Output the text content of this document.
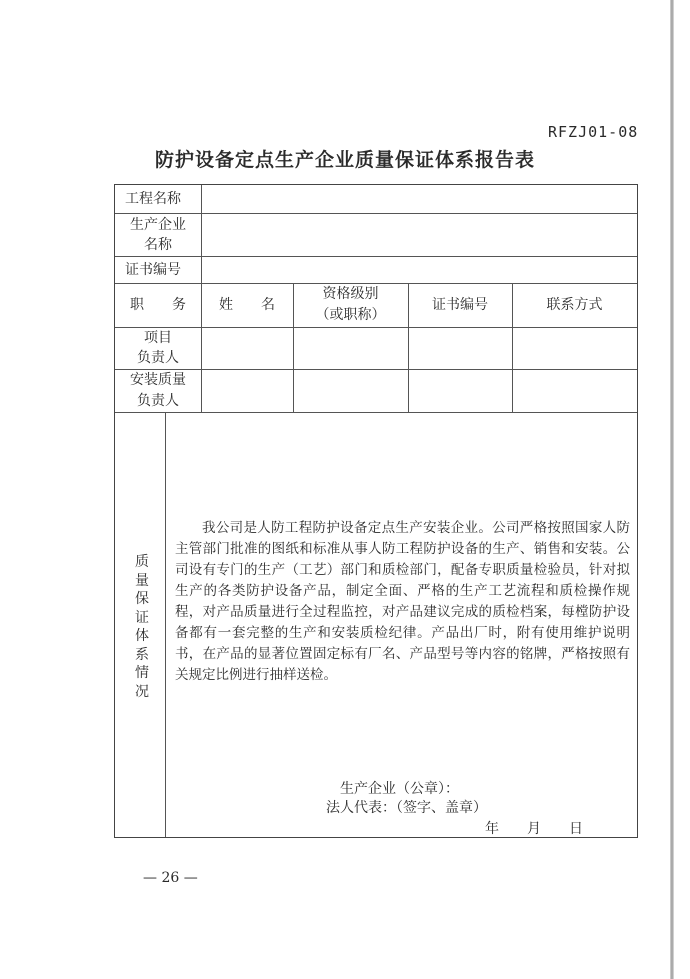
RFZJ01-08
防护设备定点生产企业质量保证体系报告表
工程名称
生产企业
名称
证书编号
职　　务	姓　　名
资格级别
（或职称）
证书编号	联系方式
项目
负责人
安装质量
负责人
质
量
保
证
体
系
情
况

我公司是人防工程防护设备定点生产安装企业。公司严格按照国家人防主管部门批准的图纸和标准从事人防工程防护设备的生产、销售和安装。公司设有专门的生产（工艺）部门和质检部门，配备专职质量检验员，针对拟生产的各类防护设备产品，制定全面、严格的生产工艺流程和质检操作规程，对产品质量进行全过程监控，对产品建议完成的质检档案，每樘防护设备都有一套完整的生产和安装质检纪律。产品出厂时，附有使用维护说明书，在产品的显著位置固定标有厂名、产品型号等内容的铭牌，严格按照有关规定比例进行抽样送检。

生产企业（公章）：
法人代表：（签字、盖章）
年　　月　　日
— 26 —
